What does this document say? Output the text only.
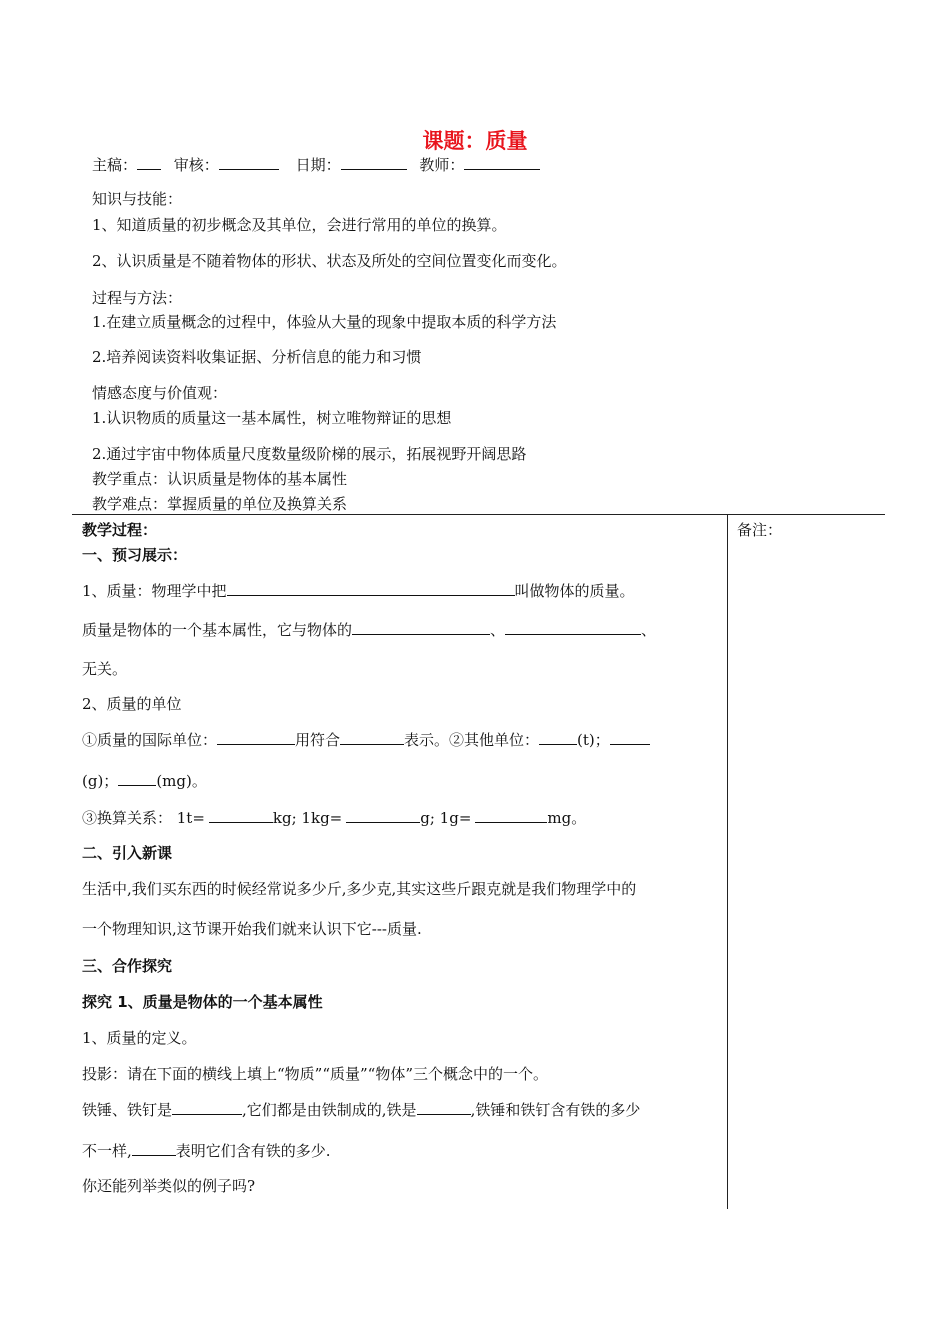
课题：质量
主稿： 审核：	日期：	教师：
知识与技能：
1、知道质量的初步概念及其单位，会进行常用的单位的换算。
2、认识质量是不随着物体的形状、状态及所处的空间位置变化而变化。
过程与方法：
1.在建立质量概念的过程中，体验从大量的现象中提取本质的科学方法
2.培养阅读资料收集证据、分析信息的能力和习惯
情感态度与价值观：
1.认识物质的质量这一基本属性，树立唯物辩证的思想
2.通过宇宙中物体质量尺度数量级阶梯的展示，拓展视野开阔思路
教学重点：认识质量是物体的基本属性
教学难点：掌握质量的单位及换算关系
教学过程：	备注：
一、预习展示：
1、质量：物理学中把	叫做物体的质量。
质量是物体的一个基本属性，它与物体的	、	、
无关。
2、质量的单位
①质量的国际单位：	用符合	表示。②其他单位：	(t)；
(g)；	(mg)。
③换算关系： 1t=	kg; 1kg=	g; 1g=	mg。
二、引入新课
生活中,我们买东西的时候经常说多少斤,多少克,其实这些斤跟克就是我们物理学中的
一个物理知识,这节课开始我们就来认识下它---质量.
三、合作探究
探究 1、质量是物体的一个基本属性
1、质量的定义。
投影：请在下面的横线上填上“物质”“质量”“物体”三个概念中的一个。
铁锤、铁钉是	,它们都是由铁制成的,铁是	,铁锤和铁钉含有铁的多少
不一样,	表明它们含有铁的多少.
你还能列举类似的例子吗?
